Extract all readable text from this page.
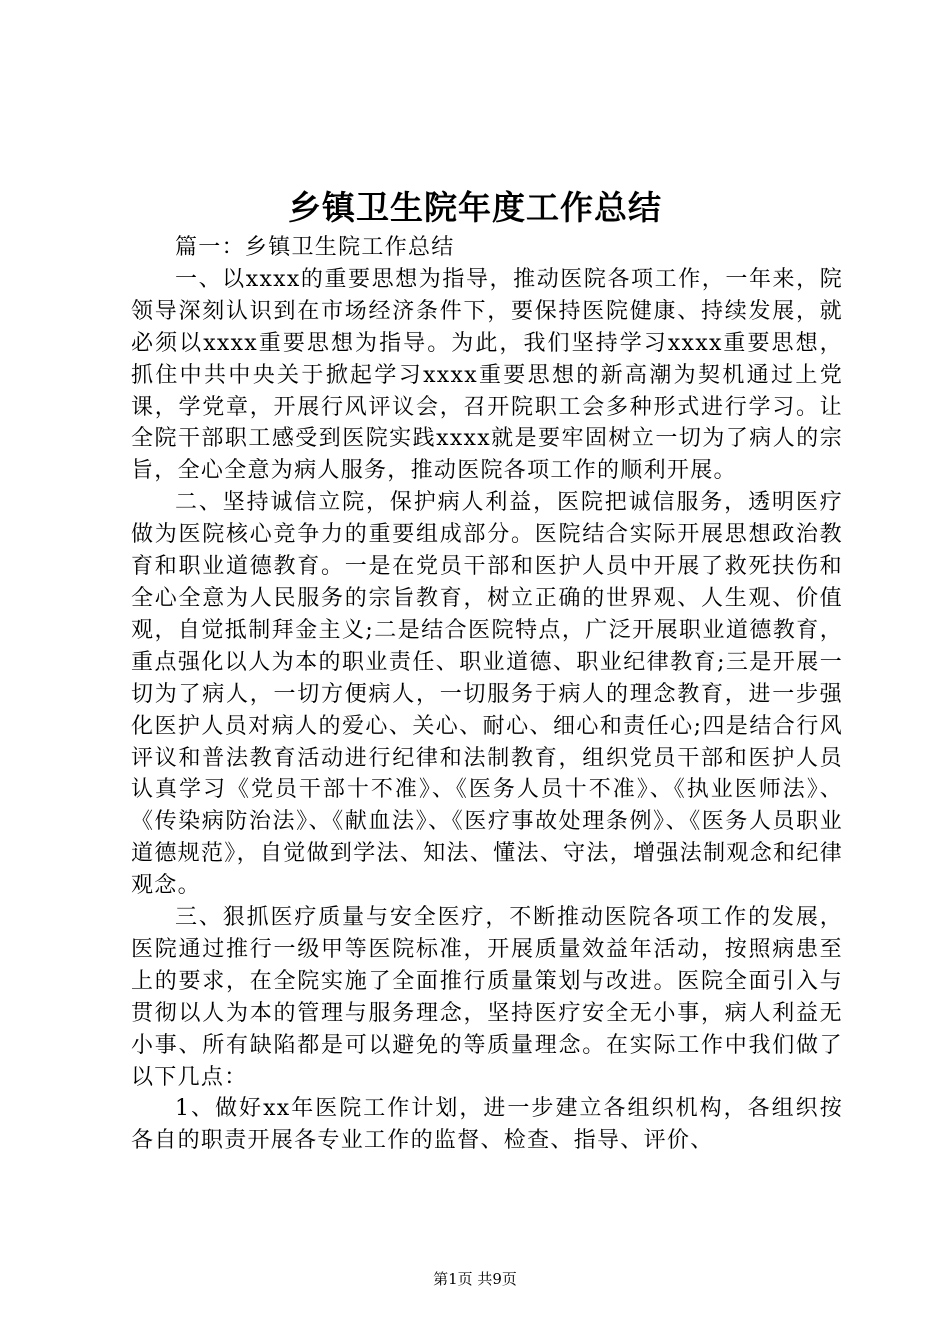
乡镇卫生院年度工作总结

篇一：乡镇卫生院工作总结

一、以xxxx的重要思想为指导，推动医院各项工作，一年来，院领导深刻认识到在市场经济条件下，要保持医院健康、持续发展，就必须以xxxx重要思想为指导。为此，我们坚持学习xxxx重要思想，抓住中共中央关于掀起学习xxxx重要思想的新高潮为契机通过上党课，学党章，开展行风评议会，召开院职工会多种形式进行学习。让全院干部职工感受到医院实践xxxx就是要牢固树立一切为了病人的宗旨，全心全意为病人服务，推动医院各项工作的顺利开展。

二、坚持诚信立院，保护病人利益，医院把诚信服务，透明医疗做为医院核心竞争力的重要组成部分。医院结合实际开展思想政治教育和职业道德教育。一是在党员干部和医护人员中开展了救死扶伤和全心全意为人民服务的宗旨教育，树立正确的世界观、人生观、价值观，自觉抵制拜金主义;二是结合医院特点，广泛开展职业道德教育，重点强化以人为本的职业责任、职业道德、职业纪律教育;三是开展一切为了病人，一切方便病人，一切服务于病人的理念教育，进一步强化医护人员对病人的爱心、关心、耐心、细心和责任心;四是结合行风评议和普法教育活动进行纪律和法制教育，组织党员干部和医护人员认真学习《党员干部十不准》、《医务人员十不准》、《执业医师法》、《传染病防治法》、《献血法》、《医疗事故处理条例》、《医务人员职业道德规范》，自觉做到学法、知法、懂法、守法，增强法制观念和纪律观念。

三、狠抓医疗质量与安全医疗，不断推动医院各项工作的发展，医院通过推行一级甲等医院标准，开展质量效益年活动，按照病患至上的要求，在全院实施了全面推行质量策划与改进。医院全面引入与贯彻以人为本的管理与服务理念，坚持医疗安全无小事，病人利益无小事、所有缺陷都是可以避免的等质量理念。在实际工作中我们做了以下几点：

1、做好xx年医院工作计划，进一步建立各组织机构，各组织按各自的职责开展各专业工作的监督、检查、指导、评价、

第1页 共9页
